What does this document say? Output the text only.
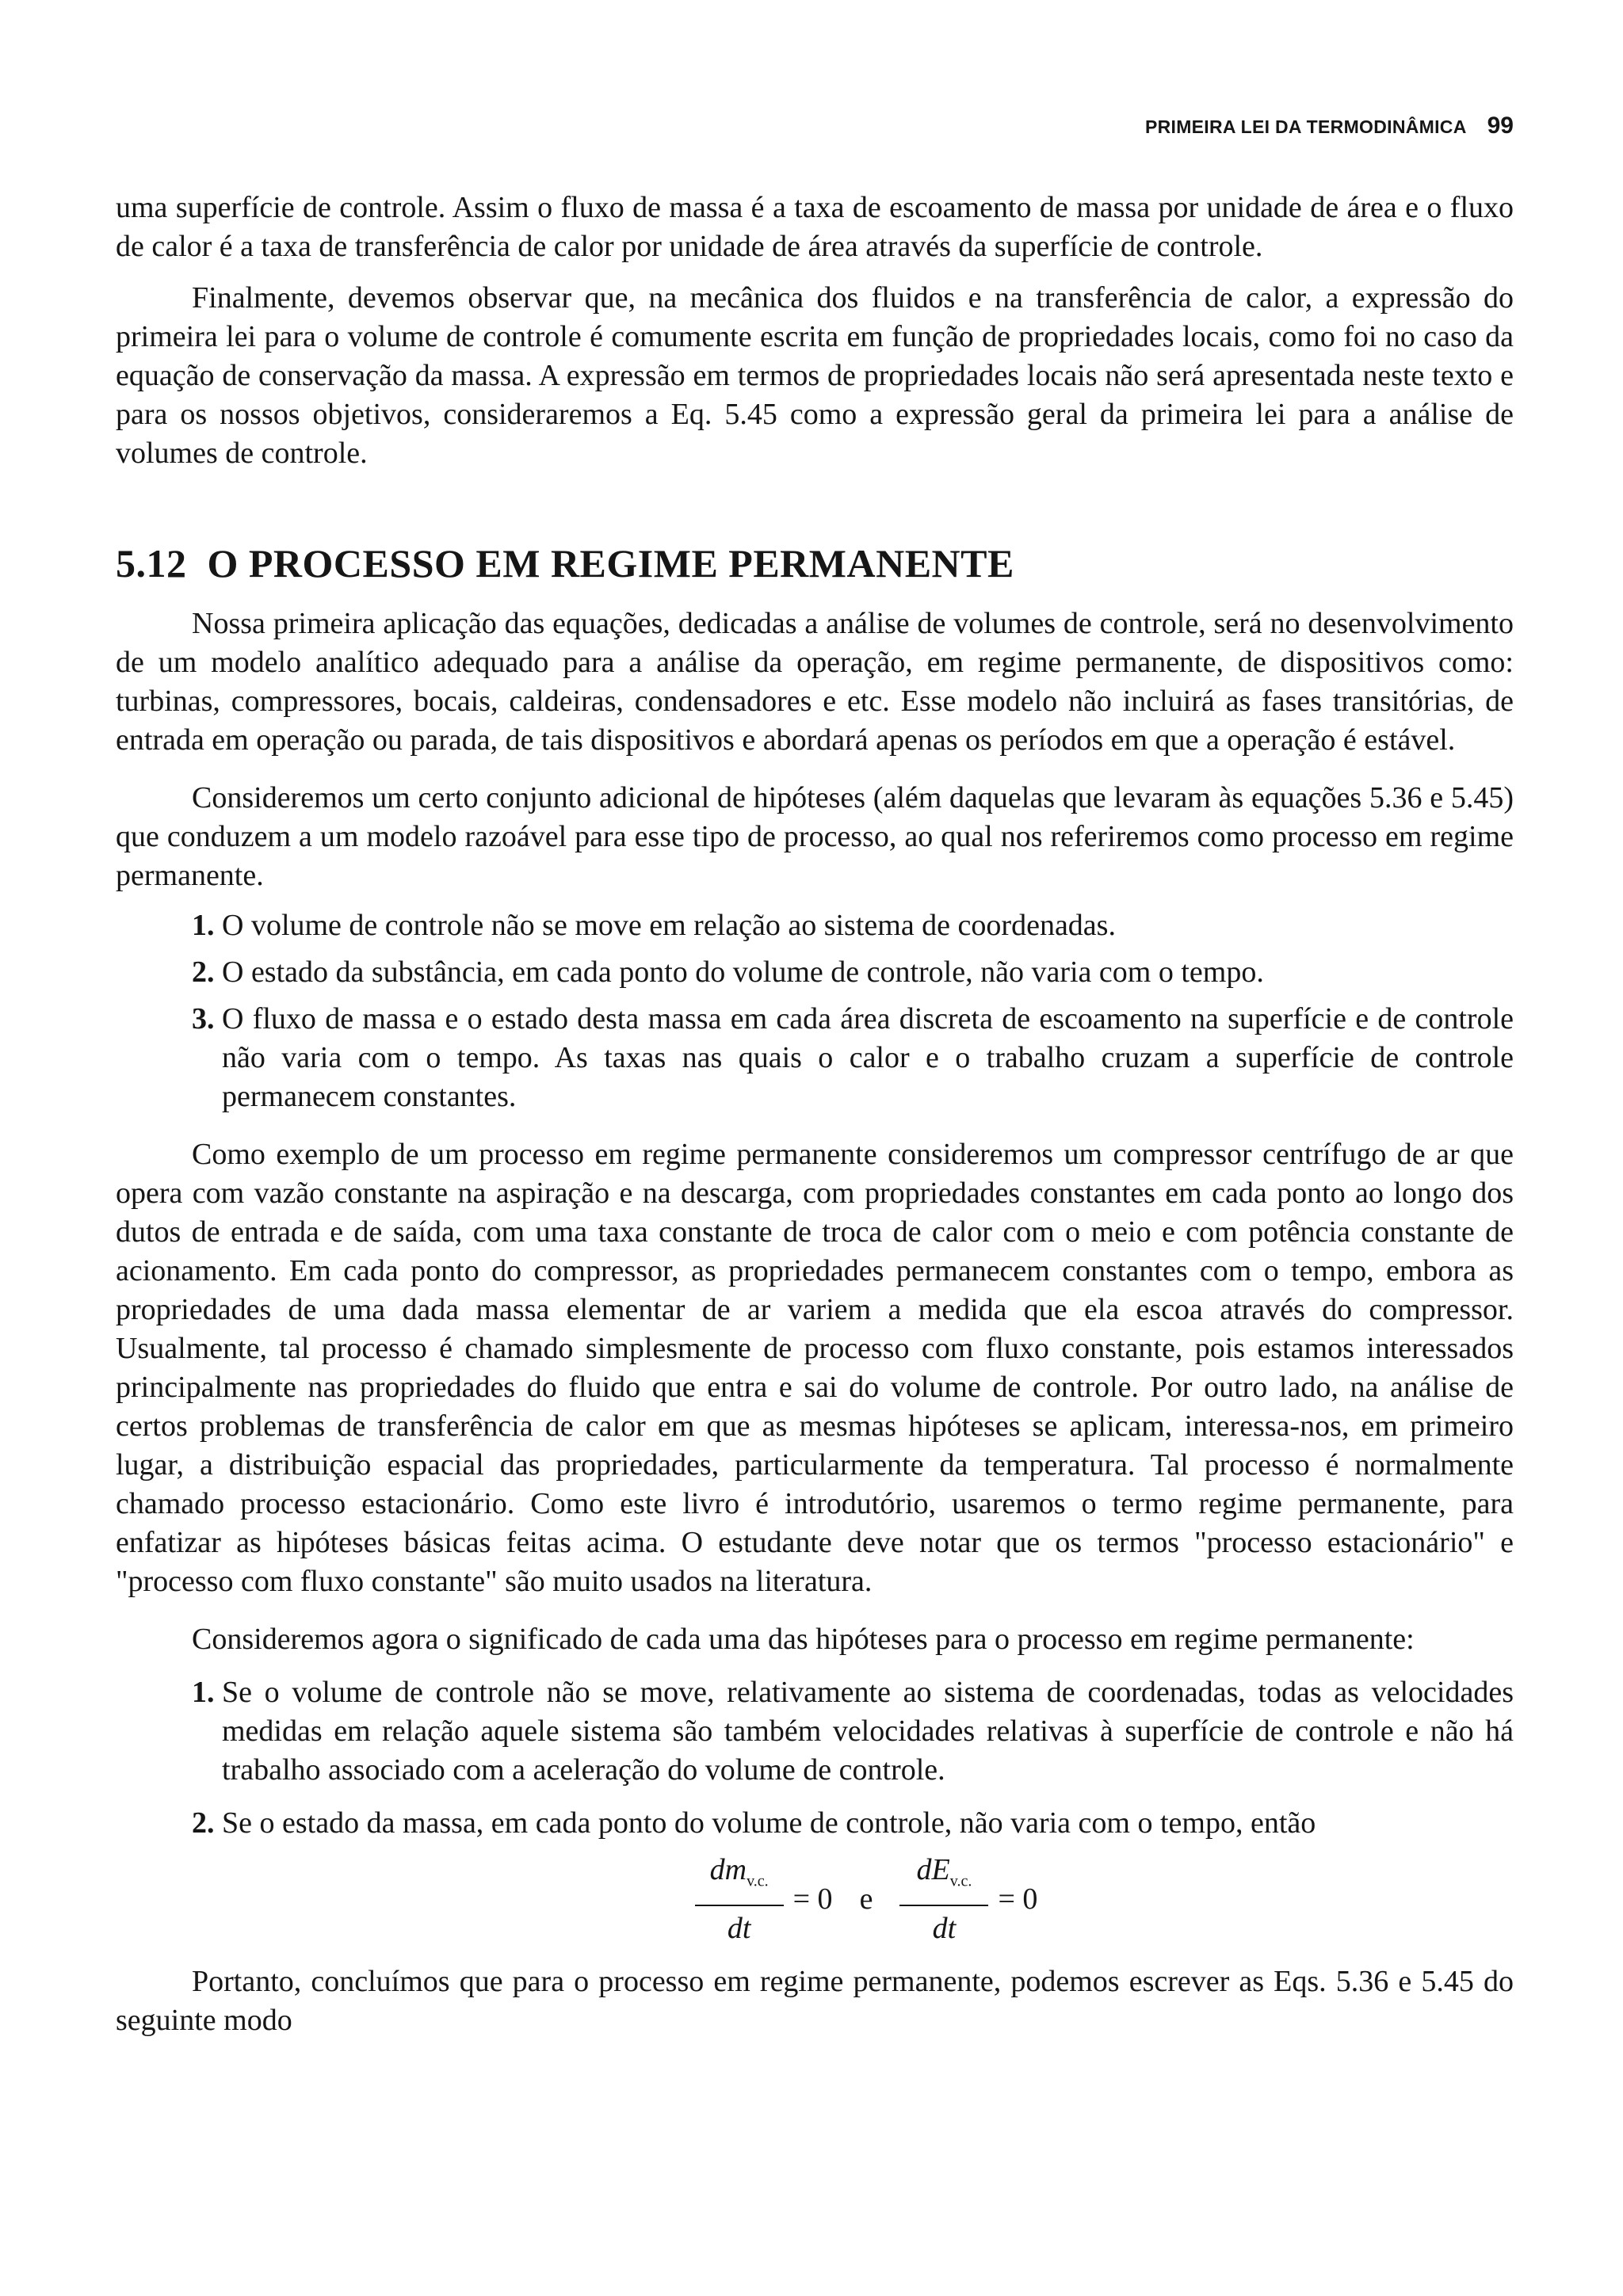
PRIMEIRA LEI DA TERMODINÂMICA 99

uma superfície de controle. Assim o fluxo de massa é a taxa de escoamento de massa por unidade de área e o fluxo de calor é a taxa de transferência de calor por unidade de área através da superfície de controle.

Finalmente, devemos observar que, na mecânica dos fluidos e na transferência de calor, a expressão do primeira lei para o volume de controle é comumente escrita em função de propriedades locais, como foi no caso da equação de conservação da massa. A expressão em termos de propriedades locais não será apresentada neste texto e para os nossos objetivos, consideraremos a Eq. 5.45 como a expressão geral da primeira lei para a análise de volumes de controle.

5.12 O PROCESSO EM REGIME PERMANENTE

Nossa primeira aplicação das equações, dedicadas a análise de volumes de controle, será no desenvolvimento de um modelo analítico adequado para a análise da operação, em regime permanente, de dispositivos como: turbinas, compressores, bocais, caldeiras, condensadores e etc. Esse modelo não incluirá as fases transitórias, de entrada em operação ou parada, de tais dispositivos e abordará apenas os períodos em que a operação é estável.

Consideremos um certo conjunto adicional de hipóteses (além daquelas que levaram às equações 5.36 e 5.45) que conduzem a um modelo razoável para esse tipo de processo, ao qual nos referiremos como processo em regime permanente.

1. O volume de controle não se move em relação ao sistema de coordenadas.
2. O estado da substância, em cada ponto do volume de controle, não varia com o tempo.
3. O fluxo de massa e o estado desta massa em cada área discreta de escoamento na superfície e de controle não varia com o tempo. As taxas nas quais o calor e o trabalho cruzam a superfície de controle permanecem constantes.

Como exemplo de um processo em regime permanente consideremos um compressor centrífugo de ar que opera com vazão constante na aspiração e na descarga, com propriedades constantes em cada ponto ao longo dos dutos de entrada e de saída, com uma taxa constante de troca de calor com o meio e com potência constante de acionamento. Em cada ponto do compressor, as propriedades permanecem constantes com o tempo, embora as propriedades de uma dada massa elementar de ar variem a medida que ela escoa através do compressor. Usualmente, tal processo é chamado simplesmente de processo com fluxo constante, pois estamos interessados principalmente nas propriedades do fluido que entra e sai do volume de controle. Por outro lado, na análise de certos problemas de transferência de calor em que as mesmas hipóteses se aplicam, interessa-nos, em primeiro lugar, a distribuição espacial das propriedades, particularmente da temperatura. Tal processo é normalmente chamado processo estacionário. Como este livro é introdutório, usaremos o termo regime permanente, para enfatizar as hipóteses básicas feitas acima. O estudante deve notar que os termos "processo estacionário" e "processo com fluxo constante" são muito usados na literatura.

Consideremos agora o significado de cada uma das hipóteses para o processo em regime permanente:

1. Se o volume de controle não se move, relativamente ao sistema de coordenadas, todas as velocidades medidas em relação aquele sistema são também velocidades relativas à superfície de controle e não há trabalho associado com a aceleração do volume de controle.
2. Se o estado da massa, em cada ponto do volume de controle, não varia com o tempo, então
$\frac{dm_{v.c.}}{dt} = 0$ e $\frac{dE_{v.c.}}{dt} = 0$

Portanto, concluímos que para o processo em regime permanente, podemos escrever as Eqs. 5.36 e 5.45 do seguinte modo
